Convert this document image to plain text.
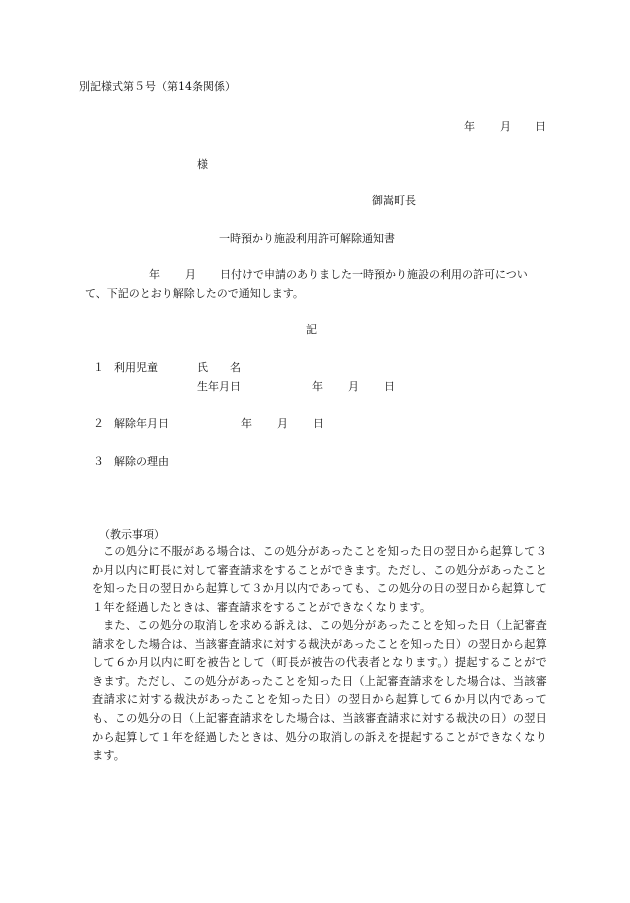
別記様式第５号（第14条関係）
年 月 日
様
御嵩町長
一時預かり施設利用許可解除通知書
年 月 日付けで申請のありました一時預かり施設の利用の許可につい
て、下記のとおり解除したので通知します。
記
１ 利用児童	氏　　名
生年月日	年 月 日
２ 解除年月日	年 月 日
３ 解除の理由
（教示事項）

この処分に不服がある場合は、この処分があったことを知った日の翌日から起算して３か月以内に町長に対して審査請求をすることができます。ただし、この処分があったことを知った日の翌日から起算して３か月以内であっても、この処分の日の翌日から起算して１年を経過したときは、審査請求をすることができなくなります。

また、この処分の取消しを求める訴えは、この処分があったことを知った日（上記審査請求をした場合は、当該審査請求に対する裁決があったことを知った日）の翌日から起算して６か月以内に町を被告として（町長が被告の代表者となります。）提起することができます。ただし、この処分があったことを知った日（上記審査請求をした場合は、当該審査請求に対する裁決があったことを知った日）の翌日から起算して６か月以内であっても、この処分の日（上記審査請求をした場合は、当該審査請求に対する裁決の日）の翌日から起算して１年を経過したときは、処分の取消しの訴えを提起することができなくなります。
